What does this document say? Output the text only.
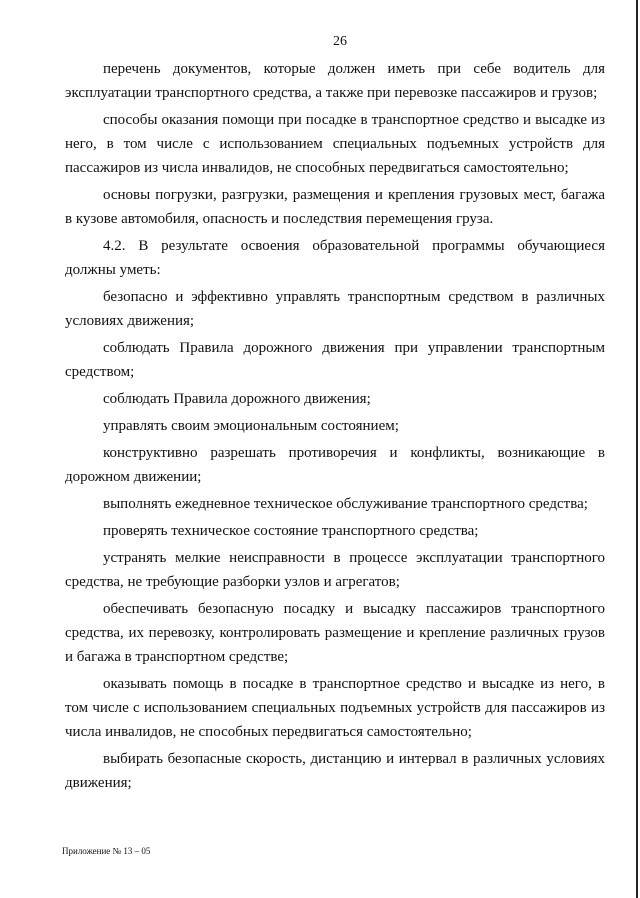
26

перечень документов, которые должен иметь при себе водитель для эксплуатации транспортного средства, а также при перевозке пассажиров и грузов;

способы оказания помощи при посадке в транспортное средство и высадке из него, в том числе с использованием специальных подъемных устройств для пассажиров из числа инвалидов, не способных передвигаться самостоятельно;

основы погрузки, разгрузки, размещения и крепления грузовых мест, багажа в кузове автомобиля, опасность и последствия перемещения груза.

4.2. В результате освоения образовательной программы обучающиеся должны уметь:

безопасно и эффективно управлять транспортным средством в различных условиях движения;

соблюдать Правила дорожного движения при управлении транспортным средством;

соблюдать Правила дорожного движения;

управлять своим эмоциональным состоянием;

конструктивно разрешать противоречия и конфликты, возникающие в дорожном движении;

выполнять ежедневное техническое обслуживание транспортного средства;

проверять техническое состояние транспортного средства;

устранять мелкие неисправности в процессе эксплуатации транспортного средства, не требующие разборки узлов и агрегатов;

обеспечивать безопасную посадку и высадку пассажиров транспортного средства, их перевозку, контролировать размещение и крепление различных грузов и багажа в транспортном средстве;

оказывать помощь в посадке в транспортное средство и высадке из него, в том числе с использованием специальных подъемных устройств для пассажиров из числа инвалидов, не способных передвигаться самостоятельно;

выбирать безопасные скорость, дистанцию и интервал в различных условиях движения;

Приложение № 13 – 05
